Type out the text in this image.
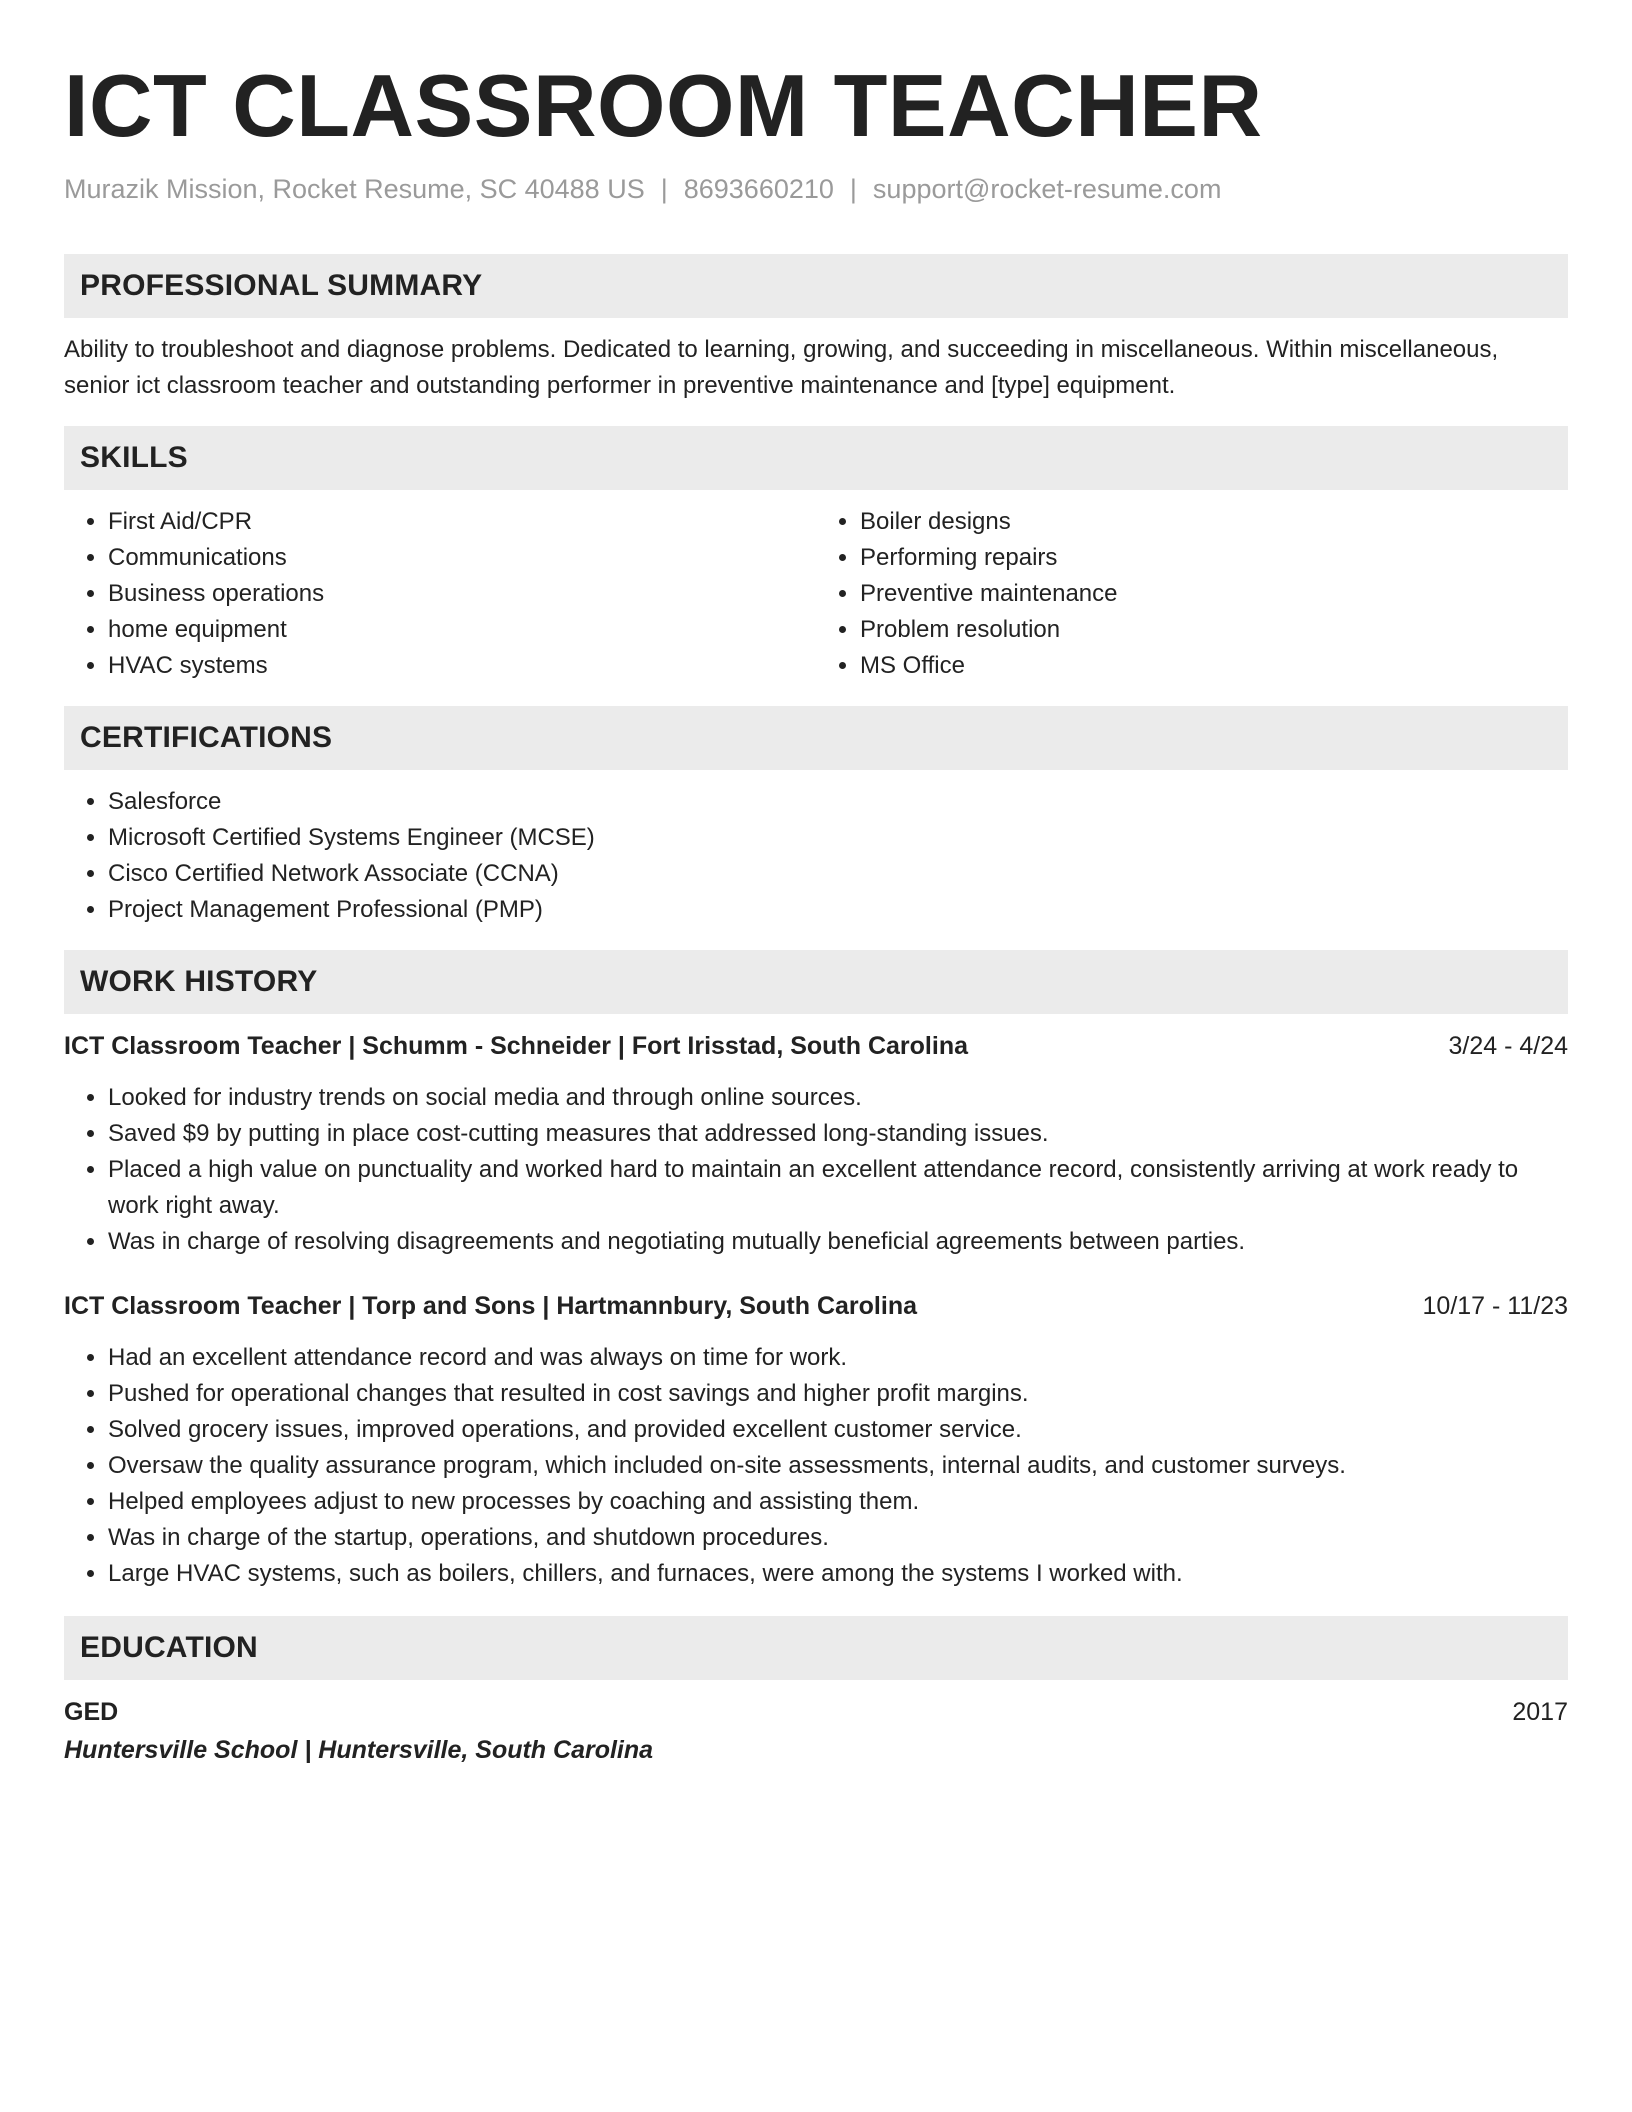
ICT CLASSROOM TEACHER
Murazik Mission, Rocket Resume, SC 40488 US | 8693660210 | support@rocket-resume.com
PROFESSIONAL SUMMARY
Ability to troubleshoot and diagnose problems. Dedicated to learning, growing, and succeeding in miscellaneous. Within miscellaneous, senior ict classroom teacher and outstanding performer in preventive maintenance and [type] equipment.
SKILLS
• First Aid/CPR
• Communications
• Business operations
• home equipment
• HVAC systems
• Boiler designs
• Performing repairs
• Preventive maintenance
• Problem resolution
• MS Office
CERTIFICATIONS
• Salesforce
• Microsoft Certified Systems Engineer (MCSE)
• Cisco Certified Network Associate (CCNA)
• Project Management Professional (PMP)
WORK HISTORY
ICT Classroom Teacher | Schumm - Schneider | Fort Irisstad, South Carolina	3/24 - 4/24
• Looked for industry trends on social media and through online sources.
• Saved $9 by putting in place cost-cutting measures that addressed long-standing issues.
• Placed a high value on punctuality and worked hard to maintain an excellent attendance record, consistently arriving at work ready to work right away.
• Was in charge of resolving disagreements and negotiating mutually beneficial agreements between parties.
ICT Classroom Teacher | Torp and Sons | Hartmannbury, South Carolina	10/17 - 11/23
• Had an excellent attendance record and was always on time for work.
• Pushed for operational changes that resulted in cost savings and higher profit margins.
• Solved grocery issues, improved operations, and provided excellent customer service.
• Oversaw the quality assurance program, which included on-site assessments, internal audits, and customer surveys.
• Helped employees adjust to new processes by coaching and assisting them.
• Was in charge of the startup, operations, and shutdown procedures.
• Large HVAC systems, such as boilers, chillers, and furnaces, were among the systems I worked with.
EDUCATION
GED	2017
Huntersville School | Huntersville, South Carolina
